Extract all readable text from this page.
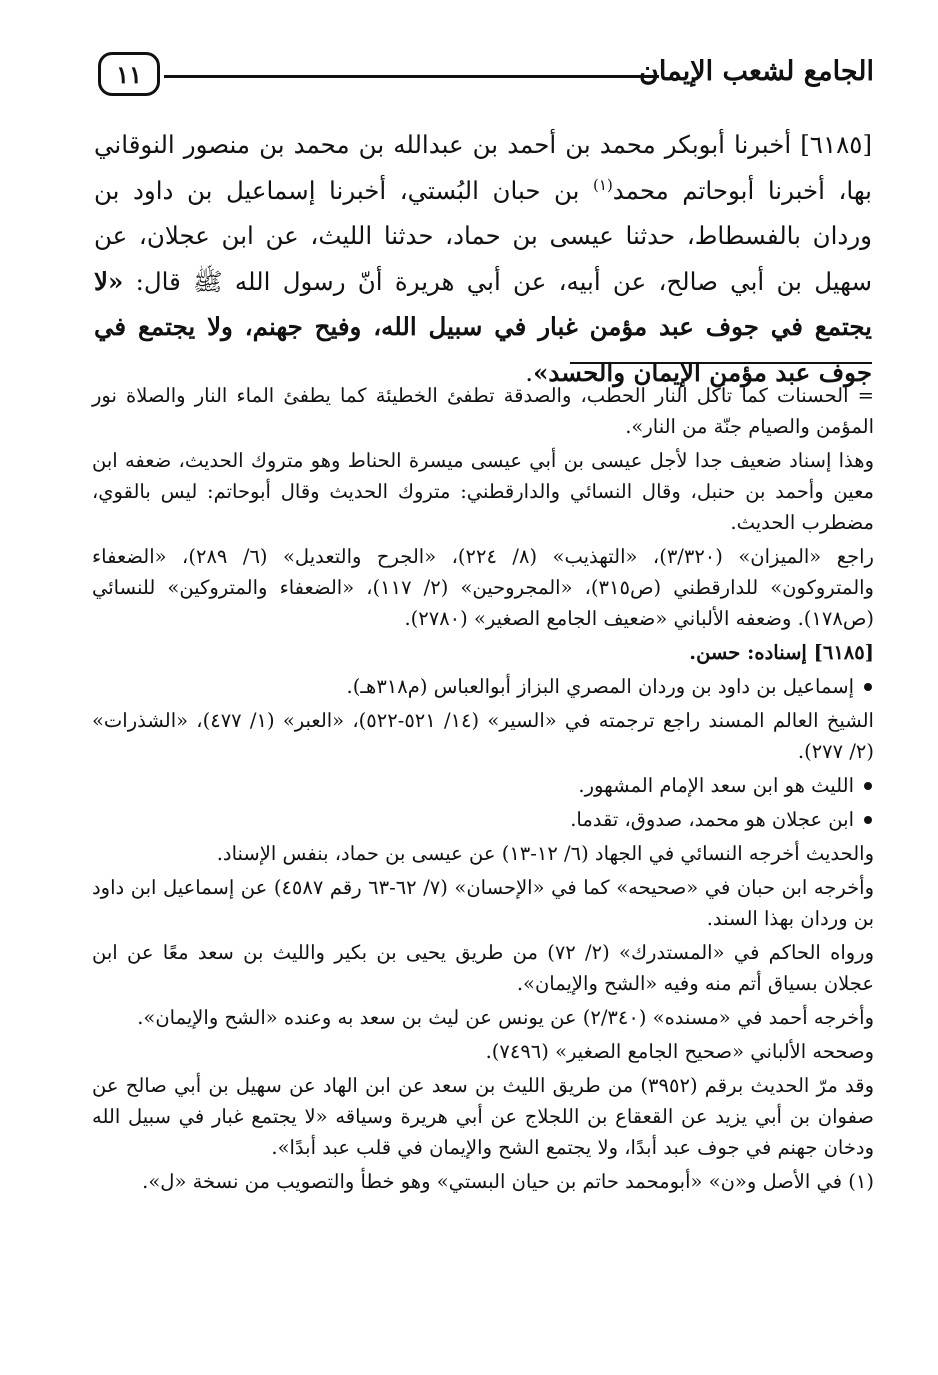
الجامع لشعب الإيمان
١١
[٦١٨٥] أخبرنا أبوبكر محمد بن أحمد بن عبدالله بن محمد بن منصور النوقاني بها، أخبرنا أبوحاتم محمد$^{(١)}$ بن حبان البُستي، أخبرنا إسماعيل بن داود بن وردان بالفسطاط، حدثنا عيسى بن حماد، حدثنا الليث، عن ابن عجلان، عن سهيل بن أبي صالح، عن أبيه، عن أبي هريرة أنّ رسول الله ﷺ قال: «لا يجتمع في جوف عبد مؤمن غبار في سبيل الله، وفيح جهنم، ولا يجتمع في جوف عبد مؤمن الإيمان والحسد».

= الحسنات كما تأكل النار الحطب، والصدقة تطفئ الخطيئة كما يطفئ الماء النار والصلاة نور المؤمن والصيام جنّة من النار».

وهذا إسناد ضعيف جدا لأجل عيسى بن أبي عيسى ميسرة الحناط وهو متروك الحديث، ضعفه ابن معين وأحمد بن حنبل، وقال النسائي والدارقطني: متروك الحديث وقال أبوحاتم: ليس بالقوي، مضطرب الحديث.

راجع «الميزان» (٣/٣٢٠)، «التهذيب» (٨/ ٢٢٤)، «الجرح والتعديل» (٦/ ٢٨٩)، «الضعفاء والمتروكون» للدارقطني (ص٣١٥)، «المجروحين» (٢/ ١١٧)، «الضعفاء والمتروكين» للنسائي (ص١٧٨). وضعفه الألباني «ضعيف الجامع الصغير» (٢٧٨٠).

[٦١٨٥] إسناده: حسن.

إسماعيل بن داود بن وردان المصري البزاز أبوالعباس (م٣١٨هـ).

الشيخ العالم المسند راجع ترجمته في «السير» (١٤/ ٥٢١-٥٢٢)، «العبر» (١/ ٤٧٧)، «الشذرات» (٢/ ٢٧٧).

الليث هو ابن سعد الإمام المشهور.

ابن عجلان هو محمد، صدوق، تقدما.

والحديث أخرجه النسائي في الجهاد (٦/ ١٢-١٣) عن عيسى بن حماد، بنفس الإسناد.

وأخرجه ابن حبان في «صحيحه» كما في «الإحسان» (٧/ ٦٢-٦٣ رقم ٤٥٨٧) عن إسماعيل ابن داود بن وردان بهذا السند.

ورواه الحاكم في «المستدرك» (٢/ ٧٢) من طريق يحيى بن بكير والليث بن سعد معًا عن ابن عجلان بسياق أتم منه وفيه «الشح والإيمان».

وأخرجه أحمد في «مسنده» (٢/٣٤٠) عن يونس عن ليث بن سعد به وعنده «الشح والإيمان».

وصححه الألباني «صحيح الجامع الصغير» (٧٤٩٦).

وقد مرّ الحديث برقم (٣٩٥٢) من طريق الليث بن سعد عن ابن الهاد عن سهيل بن أبي صالح عن صفوان بن أبي يزيد عن القعقاع بن اللجلاج عن أبي هريرة وسياقه «لا يجتمع غبار في سبيل الله ودخان جهنم في جوف عبد أبدًا، ولا يجتمع الشح والإيمان في قلب عبد أبدًا».

(١) في الأصل و«ن» «أبومحمد حاتم بن حيان البستي» وهو خطأ والتصويب من نسخة «ل».
